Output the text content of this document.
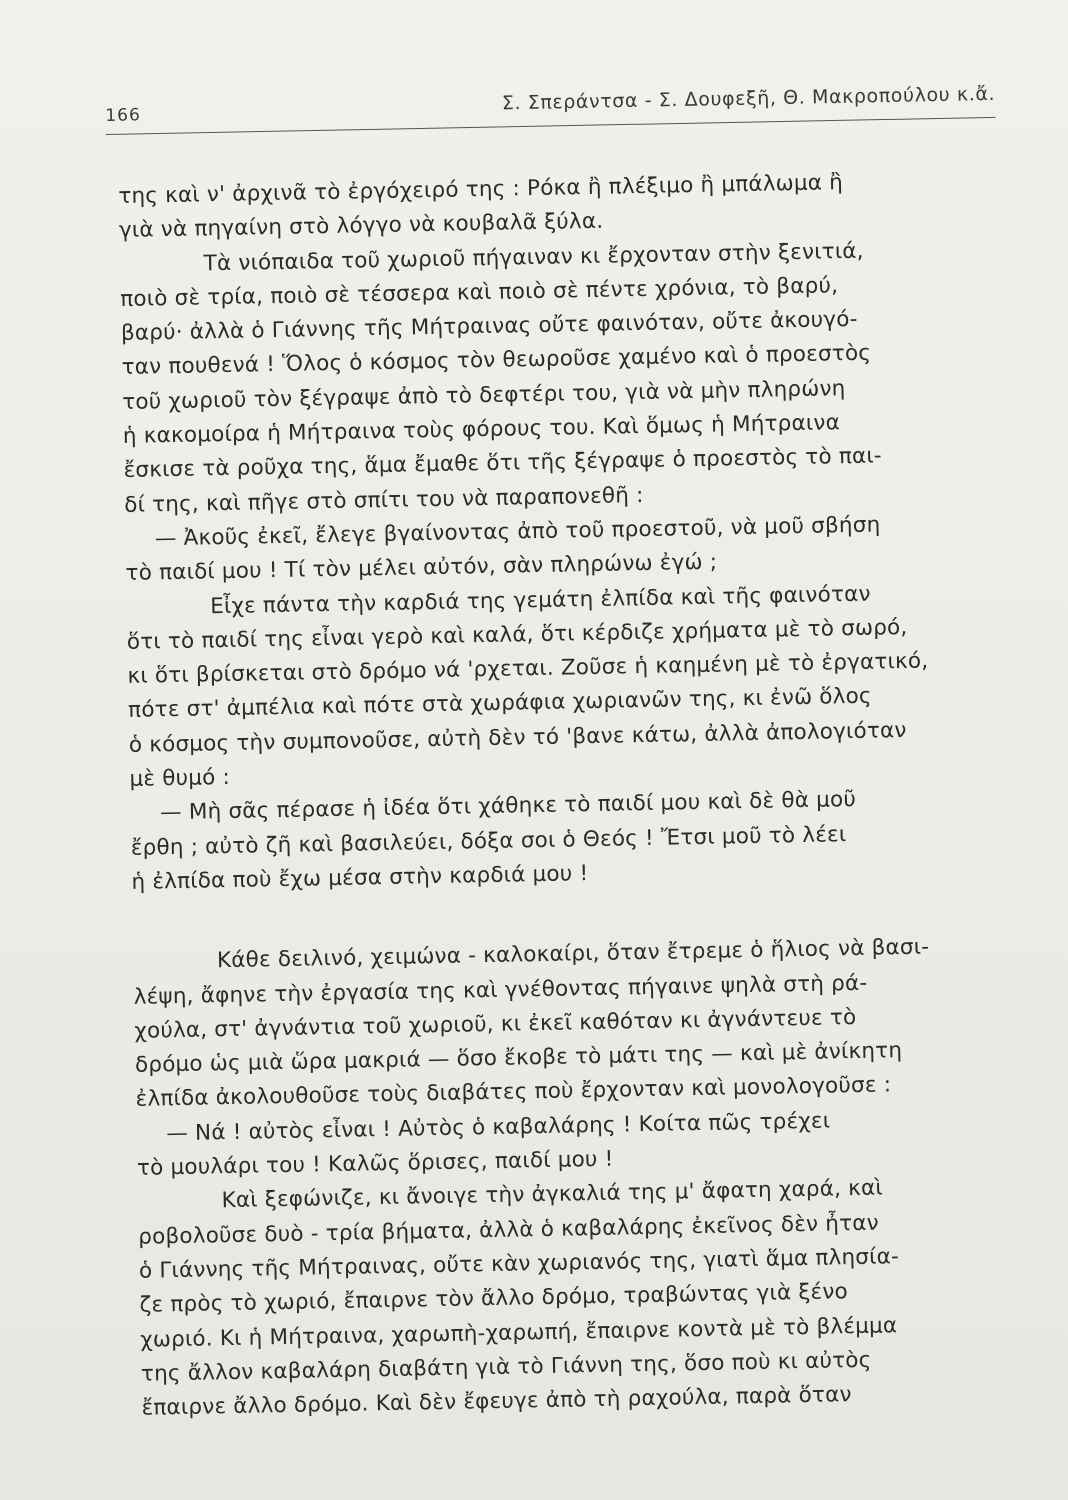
166
Σ. Σπεράντσα - Σ. Δουφεξῆ, Θ. Μακροπούλου κ.ἄ.
της καὶ ν' ἀρχινᾶ τὸ ἐργόχειρό της : Ρόκα ἢ πλέξιμο ἢ μπάλωμα ἢ
γιὰ νὰ πηγαίνη στὸ λόγγο νὰ κουβαλᾶ ξύλα.
Τὰ νιόπαιδα τοῦ χωριοῦ πήγαιναν κι ἔρχονταν στὴν ξενιτιά,
ποιὸ σὲ τρία, ποιὸ σὲ τέσσερα καὶ ποιὸ σὲ πέντε χρόνια, τὸ βαρύ,
βαρύ· ἀλλὰ ὁ Γιάννης τῆς Μήτραινας οὔτε φαινόταν, οὔτε ἀκουγό-
ταν πουθενά ! Ὅλος ὁ κόσμος τὸν θεωροῦσε χαμένο καὶ ὁ προεστὸς
τοῦ χωριοῦ τὸν ξέγραψε ἀπὸ τὸ δεφτέρι του, γιὰ νὰ μὴν πληρώνη
ἡ κακομοίρα ἡ Μήτραινα τοὺς φόρους του. Καὶ ὅμως ἡ Μήτραινα
ἔσκισε τὰ ροῦχα της, ἅμα ἔμαθε ὅτι τῆς ξέγραψε ὁ προεστὸς τὸ παι-
δί της, καὶ πῆγε στὸ σπίτι του νὰ παραπονεθῆ :
— Ἀκοῦς ἐκεῖ, ἔλεγε βγαίνοντας ἀπὸ τοῦ προεστοῦ, νὰ μοῦ σβήση
τὸ παιδί μου ! Τί τὸν μέλει αὐτόν, σὰν πληρώνω ἐγώ ;
Εἶχε πάντα τὴν καρδιά της γεμάτη ἐλπίδα καὶ τῆς φαινόταν
ὅτι τὸ παιδί της εἶναι γερὸ καὶ καλά, ὅτι κέρδιζε χρήματα μὲ τὸ σωρό,
κι ὅτι βρίσκεται στὸ δρόμο νά 'ρχεται. Ζοῦσε ἡ καημένη μὲ τὸ ἐργατικό,
πότε στ' ἀμπέλια καὶ πότε στὰ χωράφια χωριανῶν της, κι ἐνῶ ὅλος
ὁ κόσμος τὴν συμπονοῦσε, αὐτὴ δὲν τό 'βανε κάτω, ἀλλὰ ἀπολογιόταν
μὲ θυμό :
— Μὴ σᾶς πέρασε ἡ ἰδέα ὅτι χάθηκε τὸ παιδί μου καὶ δὲ θὰ μοῦ
ἔρθη ; αὐτὸ ζῆ καὶ βασιλεύει, δόξα σοι ὁ Θεός ! Ἔτσι μοῦ τὸ λέει
ἡ ἐλπίδα ποὺ ἔχω μέσα στὴν καρδιά μου !
Κάθε δειλινό, χειμώνα - καλοκαίρι, ὅταν ἔτρεμε ὁ ἥλιος νὰ βασι-
λέψη, ἄφηνε τὴν ἐργασία της καὶ γνέθοντας πήγαινε ψηλὰ στὴ ρά-
χούλα, στ' ἀγνάντια τοῦ χωριοῦ, κι ἐκεῖ καθόταν κι ἀγνάντευε τὸ
δρόμο ὡς μιὰ ὥρα μακριά — ὅσο ἔκοβε τὸ μάτι της — καὶ μὲ ἀνίκητη
ἐλπίδα ἀκολουθοῦσε τοὺς διαβάτες ποὺ ἔρχονταν καὶ μονολογοῦσε :
— Νά ! αὐτὸς εἶναι ! Αὐτὸς ὁ καβαλάρης ! Κοίτα πῶς τρέχει
τὸ μουλάρι του ! Καλῶς ὅρισες, παιδί μου !
Καὶ ξεφώνιζε, κι ἄνοιγε τὴν ἀγκαλιά της μ' ἄφατη χαρά, καὶ
ροβολοῦσε δυὸ - τρία βήματα, ἀλλὰ ὁ καβαλάρης ἐκεῖνος δὲν ἦταν
ὁ Γιάννης τῆς Μήτραινας, οὔτε κὰν χωριανός της, γιατὶ ἅμα πλησία-
ζε πρὸς τὸ χωριό, ἔπαιρνε τὸν ἄλλο δρόμο, τραβώντας γιὰ ξένο
χωριό. Κι ἡ Μήτραινα, χαρωπὴ-χαρωπή, ἔπαιρνε κοντὰ μὲ τὸ βλέμμα
της ἄλλον καβαλάρη διαβάτη γιὰ τὸ Γιάννη της, ὅσο ποὺ κι αὐτὸς
ἔπαιρνε ἄλλο δρόμο. Καὶ δὲν ἔφευγε ἀπὸ τὴ ραχούλα, παρὰ ὅταν
